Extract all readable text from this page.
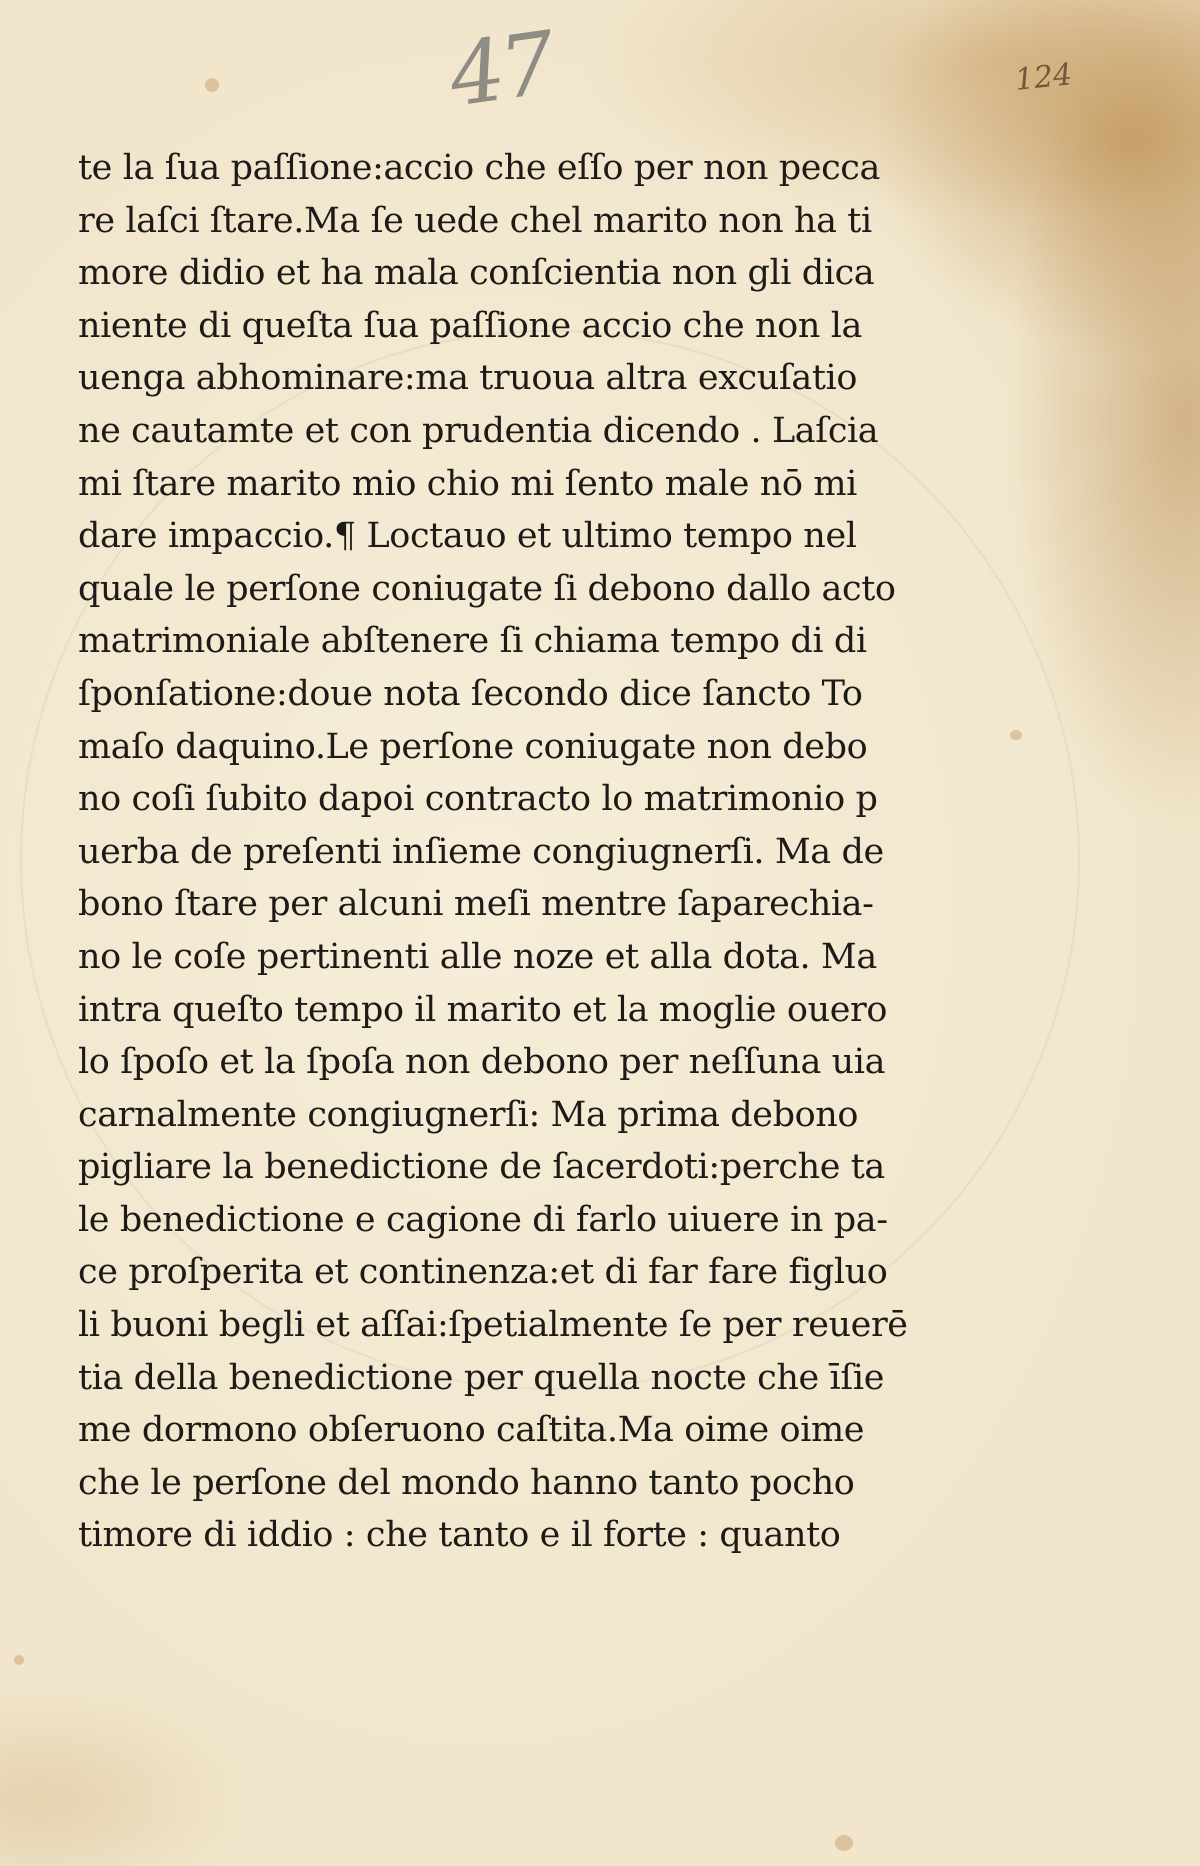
47	124
te la ſua paſſione:accio che eſſo per non pecca
re laſci ſtare.Ma ſe uede chel marito non ha ti
more didio et ha mala conſcientia non gli dica
niente di queſta ſua paſſione accio che non la
uenga abhominare:ma truoua altra excuſatio
ne cautamte et con prudentia dicendo . Laſcia
mi ſtare marito mio chio mi ſento male nō mi
dare impaccio.¶ Loctauo et ultimo tempo nel
quale le perſone coniugate ſi debono dallo acto
matrimoniale abſtenere ſi chiama tempo di di
ſponſatione:doue nota ſecondo dice ſancto To
maſo daquino.Le perſone coniugate non debo
no coſi ſubito dapoi contracto lo matrimonio p
uerba de preſenti inſieme congiugnerſi. Ma de
bono ſtare per alcuni meſi mentre ſaparechia-
no le coſe pertinenti alle noze et alla dota. Ma
intra queſto tempo il marito et la moglie ouero
lo ſpoſo et la ſpoſa non debono per neſſuna uia
carnalmente congiugnerſi: Ma prima debono
pigliare la benedictione de ſacerdoti:perche ta
le benedictione e cagione di farlo uiuere in pa-
ce proſperita et continenza:et di far fare figluo
li buoni begli et aſſai:ſpetialmente ſe per reuerē
tia della benedictione per quella nocte che īſie
me dormono obſeruono caſtita.Ma oime oime
che le perſone del mondo hanno tanto pocho
timore di iddio : che tanto e il forte : quanto
